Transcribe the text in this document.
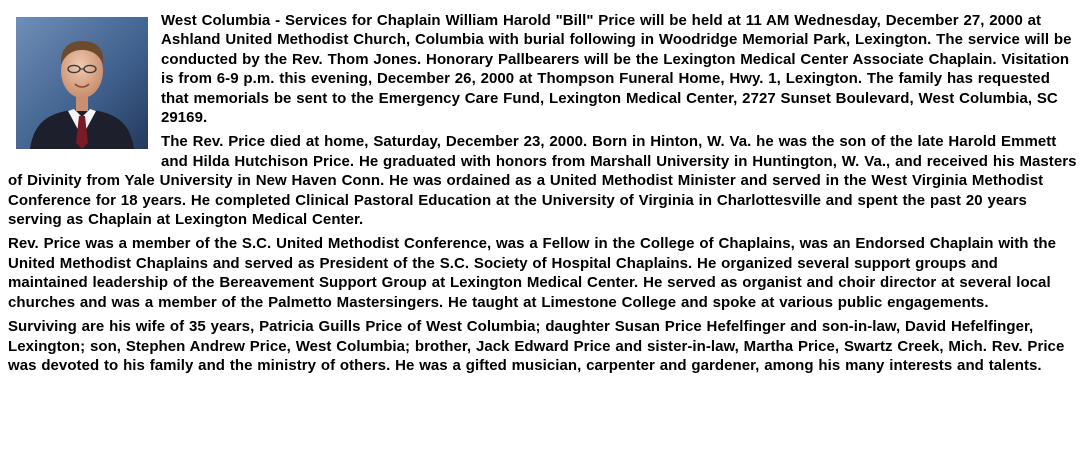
West Columbia - Services for Chaplain William Harold "Bill" Price will be held at 11 AM Wednesday, December 27, 2000 at Ashland United Methodist Church, Columbia with burial following in Woodridge Memorial Park, Lexington. The service will be conducted by the Rev. Thom Jones. Honorary Pallbearers will be the Lexington Medical Center Associate Chaplain. Visitation is from 6-9 p.m. this evening, December 26, 2000 at Thompson Funeral Home, Hwy. 1, Lexington. The family has requested that memorials be sent to the Emergency Care Fund, Lexington Medical Center, 2727 Sunset Boulevard, West Columbia, SC 29169.

The Rev. Price died at home, Saturday, December 23, 2000. Born in Hinton, W. Va. he was the son of the late Harold Emmett and Hilda Hutchison Price. He graduated with honors from Marshall University in Huntington, W. Va., and received his Masters of Divinity from Yale University in New Haven Conn. He was ordained as a United Methodist Minister and served in the West Virginia Methodist Conference for 18 years. He completed Clinical Pastoral Education at the University of Virginia in Charlottesville and spent the past 20 years serving as Chaplain at Lexington Medical Center.

Rev. Price was a member of the S.C. United Methodist Conference, was a Fellow in the College of Chaplains, was an Endorsed Chaplain with the United Methodist Chaplains and served as President of the S.C. Society of Hospital Chaplains. He organized several support groups and maintained leadership of the Bereavement Support Group at Lexington Medical Center. He served as organist and choir director at several local churches and was a member of the Palmetto Mastersingers. He taught at Limestone College and spoke at various public engagements.

Surviving are his wife of 35 years, Patricia Guills Price of West Columbia; daughter Susan Price Hefelfinger and son-in-law, David Hefelfinger, Lexington; son, Stephen Andrew Price, West Columbia; brother, Jack Edward Price and sister-in-law, Martha Price, Swartz Creek, Mich. Rev. Price was devoted to his family and the ministry of others. He was a gifted musician, carpenter and gardener, among his many interests and talents.
